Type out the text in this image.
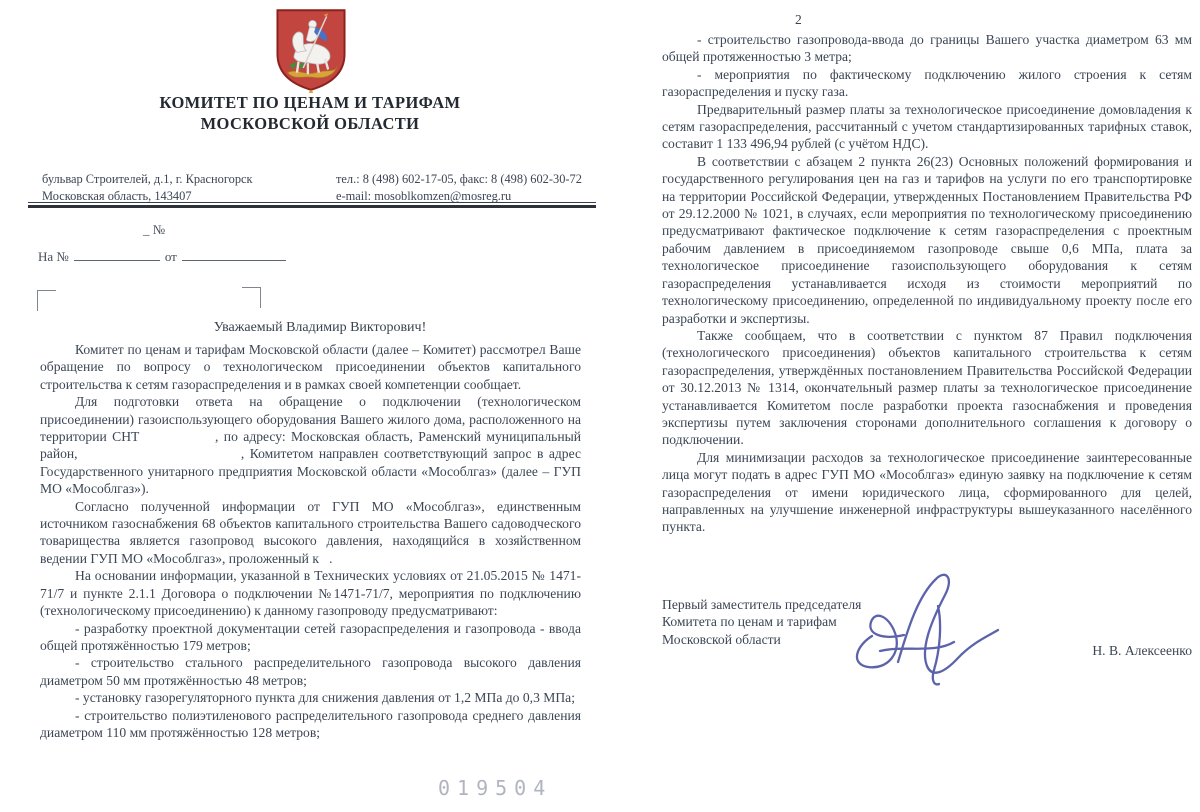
КОМИТЕТ ПО ЦЕНАМ И ТАРИФАМ
МОСКОВСКОЙ ОБЛАСТИ
бульвар Строителей, д.1, г. Красногорск
Московская область, 143407
тел.: 8 (498) 602-17-05, факс: 8 (498) 602-30-72
e-mail: mosoblkomzen@mosreg.ru
_ №
На №	от
Уважаемый Владимир Викторович!

Комитет по ценам и тарифам Московской области (далее – Комитет) рассмотрел Ваше обращение по вопросу о технологическом присоединении объектов капитального строительства к сетям газораспределения и в рамках своей компетенции сообщает.

Для подготовки ответа на обращение о подключении (технологическом присоединении) газоиспользующего оборудования Вашего жилого дома, расположенного на территории СНТ              , по адресу: Московская область, Раменский муниципальный район,                              , Комитетом направлен соответствующий запрос в адрес Государственного унитарного предприятия Московской области «Мособлгаз» (далее – ГУП МО «Мособлгаз»).

Согласно полученной информации от ГУП МО «Мособлгаз», единственным источником газоснабжения 68 объектов капитального строительства Вашего садоводческого товарищества является газопровод высокого давления, находящийся в хозяйственном ведении ГУП МО «Мособлгаз», проложенный к   .

На основании информации, указанной в Технических условиях от 21.05.2015 № 1471-71/7 и пункте 2.1.1 Договора о подключении №1471-71/7, мероприятия по подключению (технологическому присоединению) к данному газопроводу предусматривают:

- разработку проектной документации сетей газораспределения и газопровода - ввода общей протяжённостью 179 метров;

- строительство стального распределительного газопровода высокого давления диаметром 50 мм протяжённостью 48 метров;

- установку газорегуляторного пункта для снижения давления от 1,2 МПа до 0,3 МПа;

- строительство полиэтиленового распределительного газопровода среднего давления диаметром 110 мм протяжённостью 128 метров;

019504
2

- строительство газопровода-ввода до границы Вашего участка диаметром 63 мм общей протяженностью 3 метра;

- мероприятия по фактическому подключению жилого строения к сетям газораспределения и пуску газа.

Предварительный размер платы за технологическое присоединение домовладения к сетям газораспределения, рассчитанный с учетом стандартизированных тарифных ставок, составит 1 133 496,94 рублей (с учётом НДС).

В соответствии с абзацем 2 пункта 26(23) Основных положений формирования и государственного регулирования цен на газ и тарифов на услуги по его транспортировке на территории Российской Федерации, утвержденных Постановлением Правительства РФ от 29.12.2000 № 1021, в случаях, если мероприятия по технологическому присоединению предусматривают фактическое подключение к сетям газораспределения с проектным рабочим давлением в присоединяемом газопроводе свыше 0,6 МПа, плата за технологическое присоединение газоиспользующего оборудования к сетям газораспределения устанавливается исходя из стоимости мероприятий по технологическому присоединению, определенной по индивидуальному проекту после его разработки и экспертизы.

Также сообщаем, что в соответствии с пунктом 87 Правил подключения (технологического присоединения) объектов капитального строительства к сетям газораспределения, утверждённых постановлением Правительства Российской Федерации от 30.12.2013 № 1314, окончательный размер платы за технологическое присоединение устанавливается Комитетом после разработки проекта газоснабжения и проведения экспертизы путем заключения сторонами дополнительного соглашения к договору о подключении.

Для минимизации расходов за технологическое присоединение заинтересованные лица могут подать в адрес ГУП МО «Мособлгаз» единую заявку на подключение к сетям газораспределения от имени юридического лица, сформированного для целей, направленных на улучшение инженерной инфраструктуры вышеуказанного населённого пункта.

Первый заместитель председателя
Комитета по ценам и тарифам
Московской области
Н. В. Алексеенко
